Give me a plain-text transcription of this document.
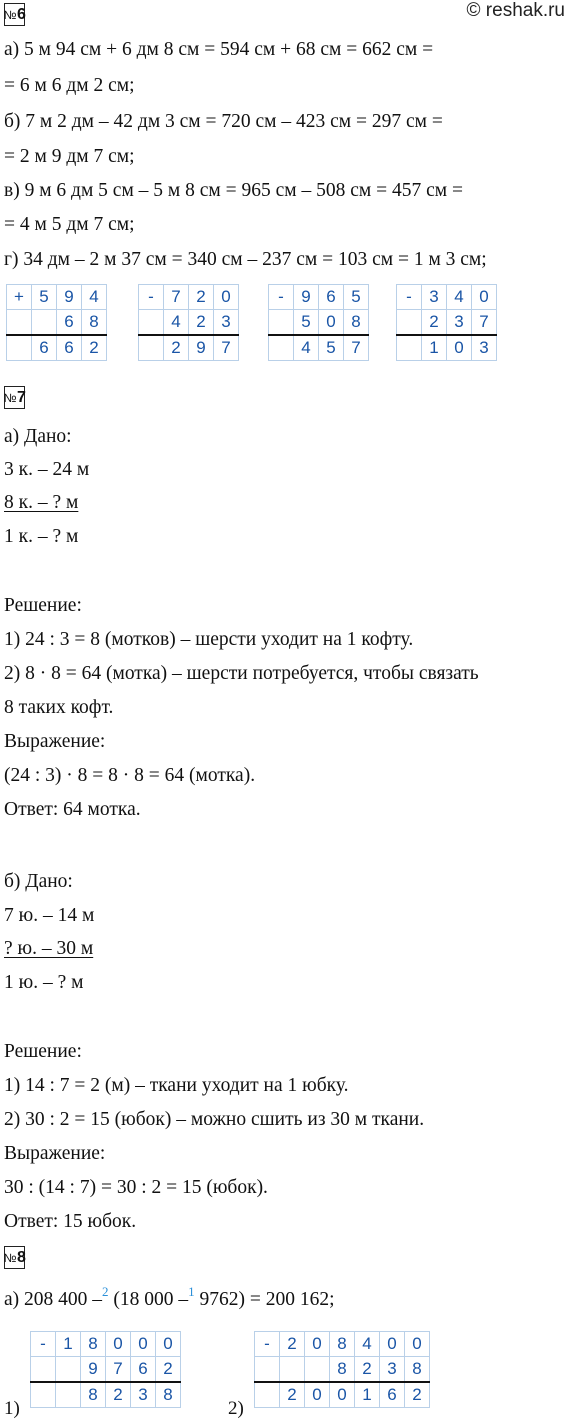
© reshak.ru
№ 6
а) 5 м 94 см + 6 дм 8 см = 594 см + 68 см = 662 см =
= 6 м 6 дм 2 см;
б) 7 м 2 дм – 42 дм 3 см = 720 см – 423 см = 297 см =
= 2 м 9 дм 7 см;
в) 9 м 6 дм 5 см – 5 м 8 см = 965 см – 508 см = 457 см =
= 4 м 5 дм 7 см;
г) 34 дм – 2 м 37 см = 340 см – 237 см = 103 см = 1 м 3 см;
+	5	9	4
		6	8
	6	6	2
-	7	2	0
	4	2	3
	2	9	7
-	9	6	5
	5	0	8
	4	5	7
-	3	4	0
	2	3	7
	1	0	3
№ 7
а) Дано:
3 к. – 24 м
8 к. – ? м
1 к. – ? м
Решение:
1) 24 : 3 = 8 (мотков) – шерсти уходит на 1 кофту.
2) 8 · 8 = 64 (мотка) – шерсти потребуется, чтобы связать
8 таких кофт.
Выражение:
(24 : 3) · 8 = 8 · 8 = 64 (мотка).
Ответ: 64 мотка.
б) Дано:
7 ю. – 14 м
? ю. – 30 м
1 ю. – ? м
Решение:
1) 14 : 7 = 2 (м) – ткани уходит на 1 юбку.
2) 30 : 2 = 15 (юбок) – можно сшить из 30 м ткани.
Выражение:
30 : (14 : 7) = 30 : 2 = 15 (юбок).
Ответ: 15 юбок.
№ 8
а) 208 400 –$^2$ (18 000 –$^1$ 9762) = 200 162;
1)
-	1	8	0	0	0
		9	7	6	2
		8	2	3	8
2)
-	2	0	8	4	0	0
			8	2	3	8
	2	0	0	1	6	2
